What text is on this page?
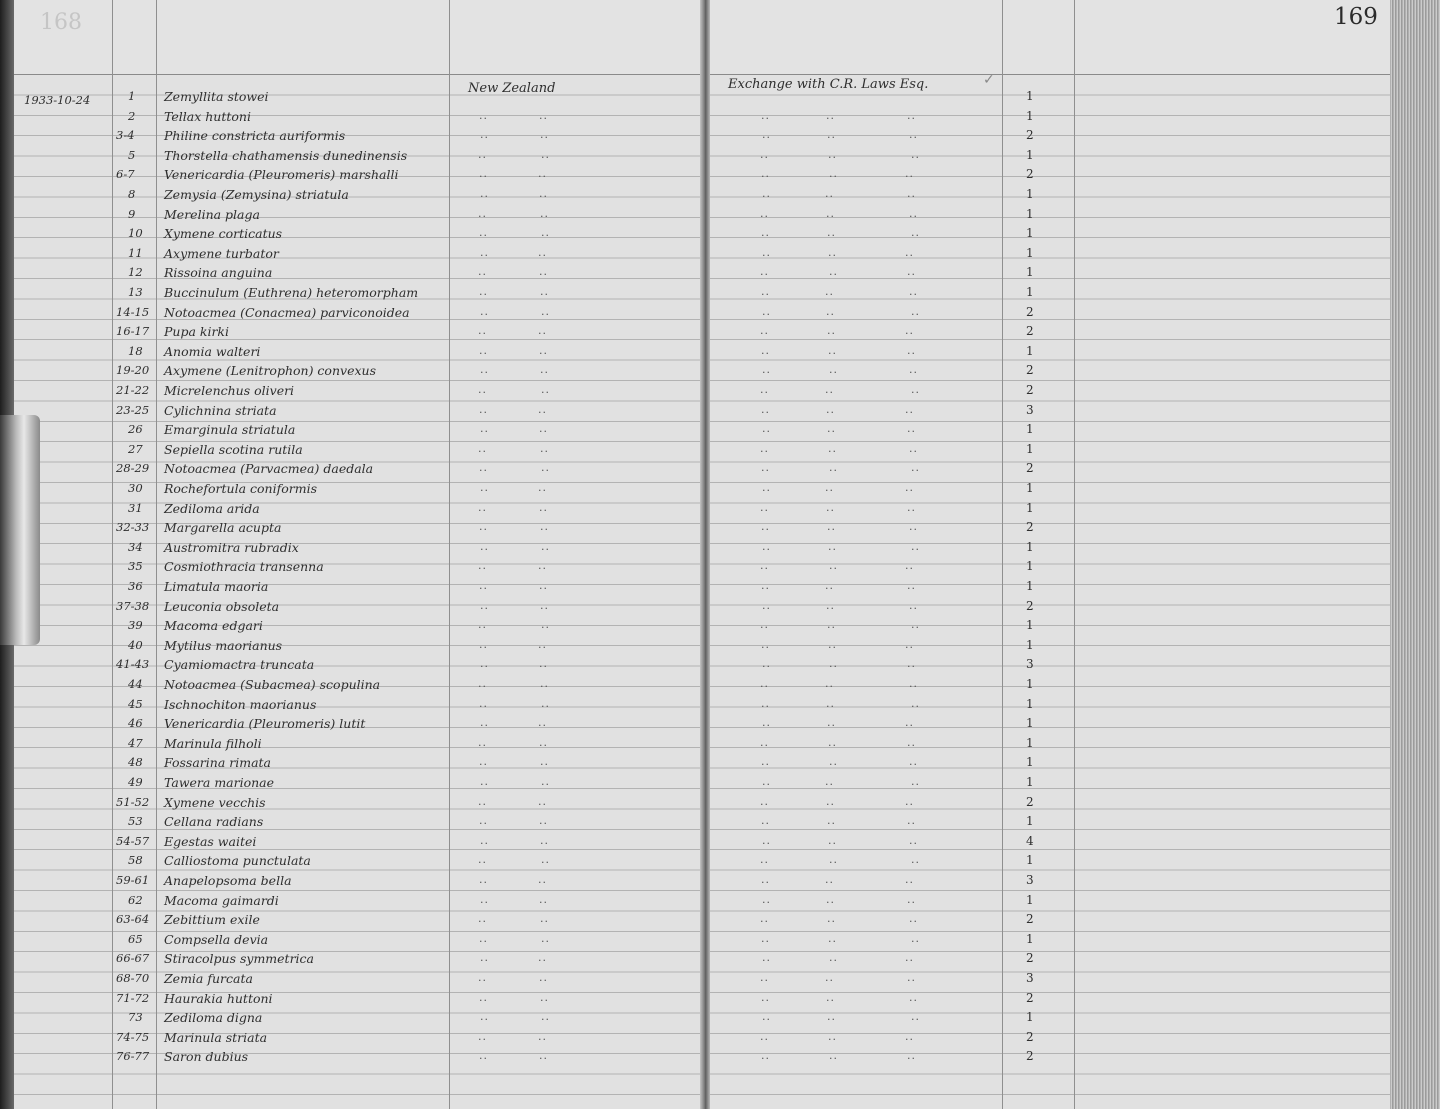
168	169
1933-10-24
New Zealand	Exchange with C.R. Laws Esq.	✓
1 Zemyllita stowei	1
2 Tellax huttoni	..	..	..	..	..	1
3-4 Philine constricta auriformis	..	..	..	..	..	2
5 Thorstella chathamensis dunedinensis	..	..	..	..	..	1
6-7 Venericardia (Pleuromeris) marshalli	..	..	..	..	..	2
8 Zemysia (Zemysina) striatula	..	..	..	..	..	1
9 Merelina plaga	..	..	..	..	..	1
10 Xymene corticatus	..	..	..	..	..	1
11 Axymene turbator	..	..	..	..	..	1
12 Rissoina anguina	..	..	..	..	..	1
13 Buccinulum (Euthrena) heteromorpham	..	..	..	..	..	1
14-15 Notoacmea (Conacmea) parviconoidea	..	..	..	..	..	2
16-17 Pupa kirki	..	..	..	..	..	2
18 Anomia walteri	..	..	..	..	..	1
19-20 Axymene (Lenitrophon) convexus	..	..	..	..	..	2
21-22 Micrelenchus oliveri	..	..	..	..	..	2
23-25 Cylichnina striata	..	..	..	..	..	3
26 Emarginula striatula	..	..	..	..	..	1
27 Sepiella scotina rutila	..	..	..	..	..	1
28-29 Notoacmea (Parvacmea) daedala	..	..	..	..	..	2
30 Rochefortula coniformis	..	..	..	..	..	1
31 Zediloma arida	..	..	..	..	..	1
32-33 Margarella acupta	..	..	..	..	..	2
34 Austromitra rubradix	..	..	..	..	..	1
35 Cosmiothracia transenna	..	..	..	..	..	1
36 Limatula maoria	..	..	..	..	..	1
37-38 Leuconia obsoleta	..	..	..	..	..	2
39 Macoma edgari	..	..	..	..	..	1
40 Mytilus maorianus	..	..	..	..	..	1
41-43 Cyamiomactra truncata	..	..	..	..	..	3
44 Notoacmea (Subacmea) scopulina	..	..	..	..	..	1
45 Ischnochiton maorianus	..	..	..	..	..	1
46 Venericardia (Pleuromeris) lutit	..	..	..	..	..	1
47 Marinula filholi	..	..	..	..	..	1
48 Fossarina rimata	..	..	..	..	..	1
49 Tawera marionae	..	..	..	..	..	1
51-52 Xymene vecchis	..	..	..	..	..	2
53 Cellana radians	..	..	..	..	..	1
54-57 Egestas waitei	..	..	..	..	..	4
58 Calliostoma punctulata	..	..	..	..	..	1
59-61 Anapelopsoma bella	..	..	..	..	..	3
62 Macoma gaimardi	..	..	..	..	..	1
63-64 Zebittium exile	..	..	..	..	..	2
65 Compsella devia	..	..	..	..	..	1
66-67 Stiracolpus symmetrica	..	..	..	..	..	2
68-70 Zemia furcata	..	..	..	..	..	3
71-72 Haurakia huttoni	..	..	..	..	..	2
73 Zediloma digna	..	..	..	..	..	1
74-75 Marinula striata	..	..	..	..	..	2
76-77 Saron dubius	..	..	..	..	..	2
